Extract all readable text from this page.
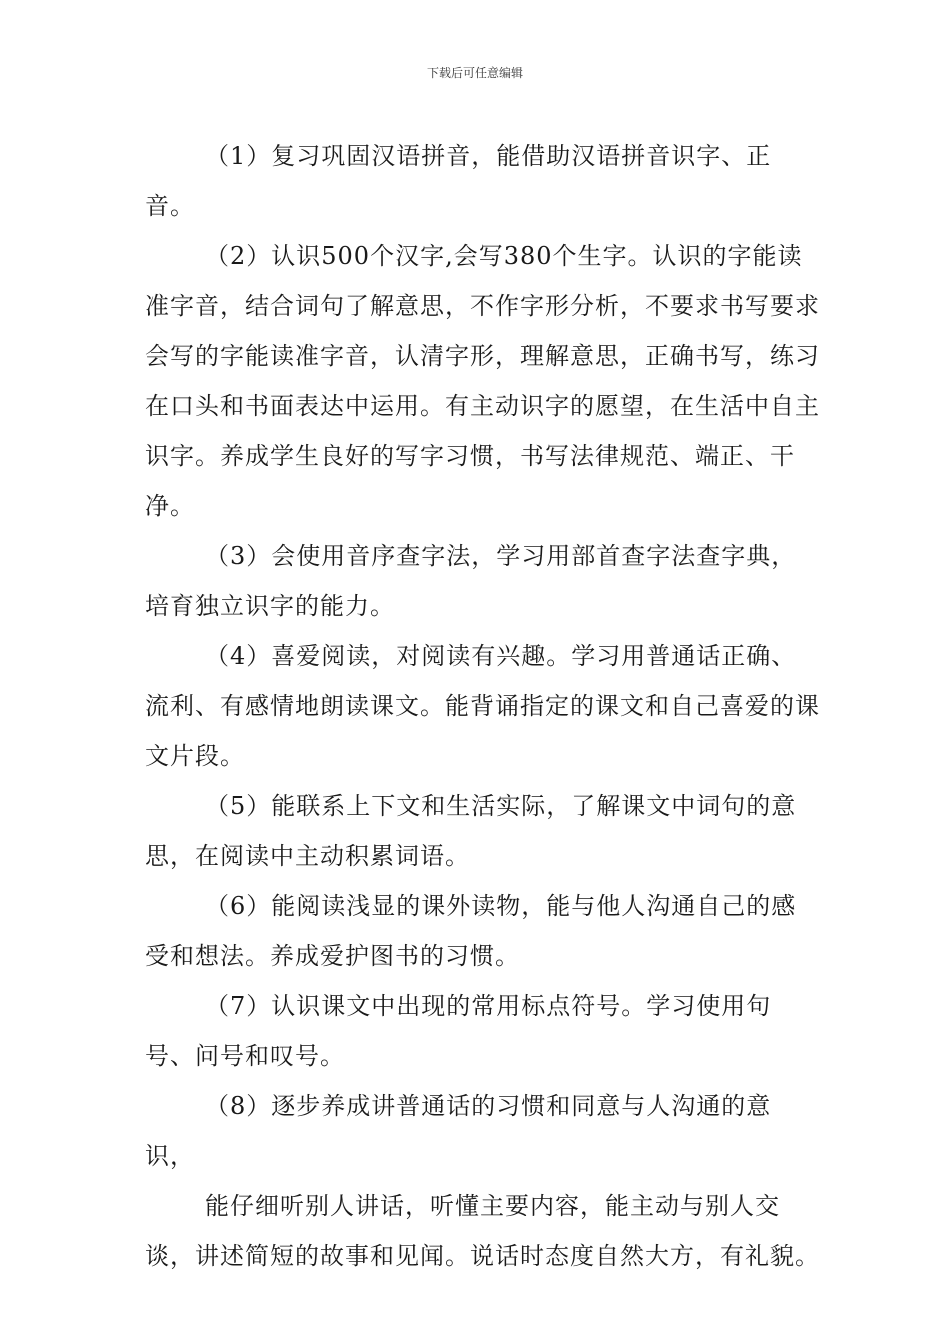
下载后可任意编辑

（1）复习巩固汉语拼音，能借助汉语拼音识字、正音。

（2）认识500个汉字,会写380个生字。认识的字能读准字音，结合词句了解意思，不作字形分析，不要求书写要求会写的字能读准字音，认清字形，理解意思，正确书写，练习在口头和书面表达中运用。有主动识字的愿望，在生活中自主识字。养成学生良好的写字习惯，书写法律规范、端正、干净。

（3）会使用音序查字法，学习用部首查字法查字典，培育独立识字的能力。

（4）喜爱阅读，对阅读有兴趣。学习用普通话正确、流利、有感情地朗读课文。能背诵指定的课文和自己喜爱的课文片段。

（5）能联系上下文和生活实际，了解课文中词句的意思，在阅读中主动积累词语。

（6）能阅读浅显的课外读物，能与他人沟通自己的感受和想法。养成爱护图书的习惯。

（7）认识课文中出现的常用标点符号。学习使用句号、问号和叹号。

（8）逐步养成讲普通话的习惯和同意与人沟通的意识，

能仔细听别人讲话，听懂主要内容，能主动与别人交谈，讲述简短的故事和见闻。说话时态度自然大方，有礼貌。
